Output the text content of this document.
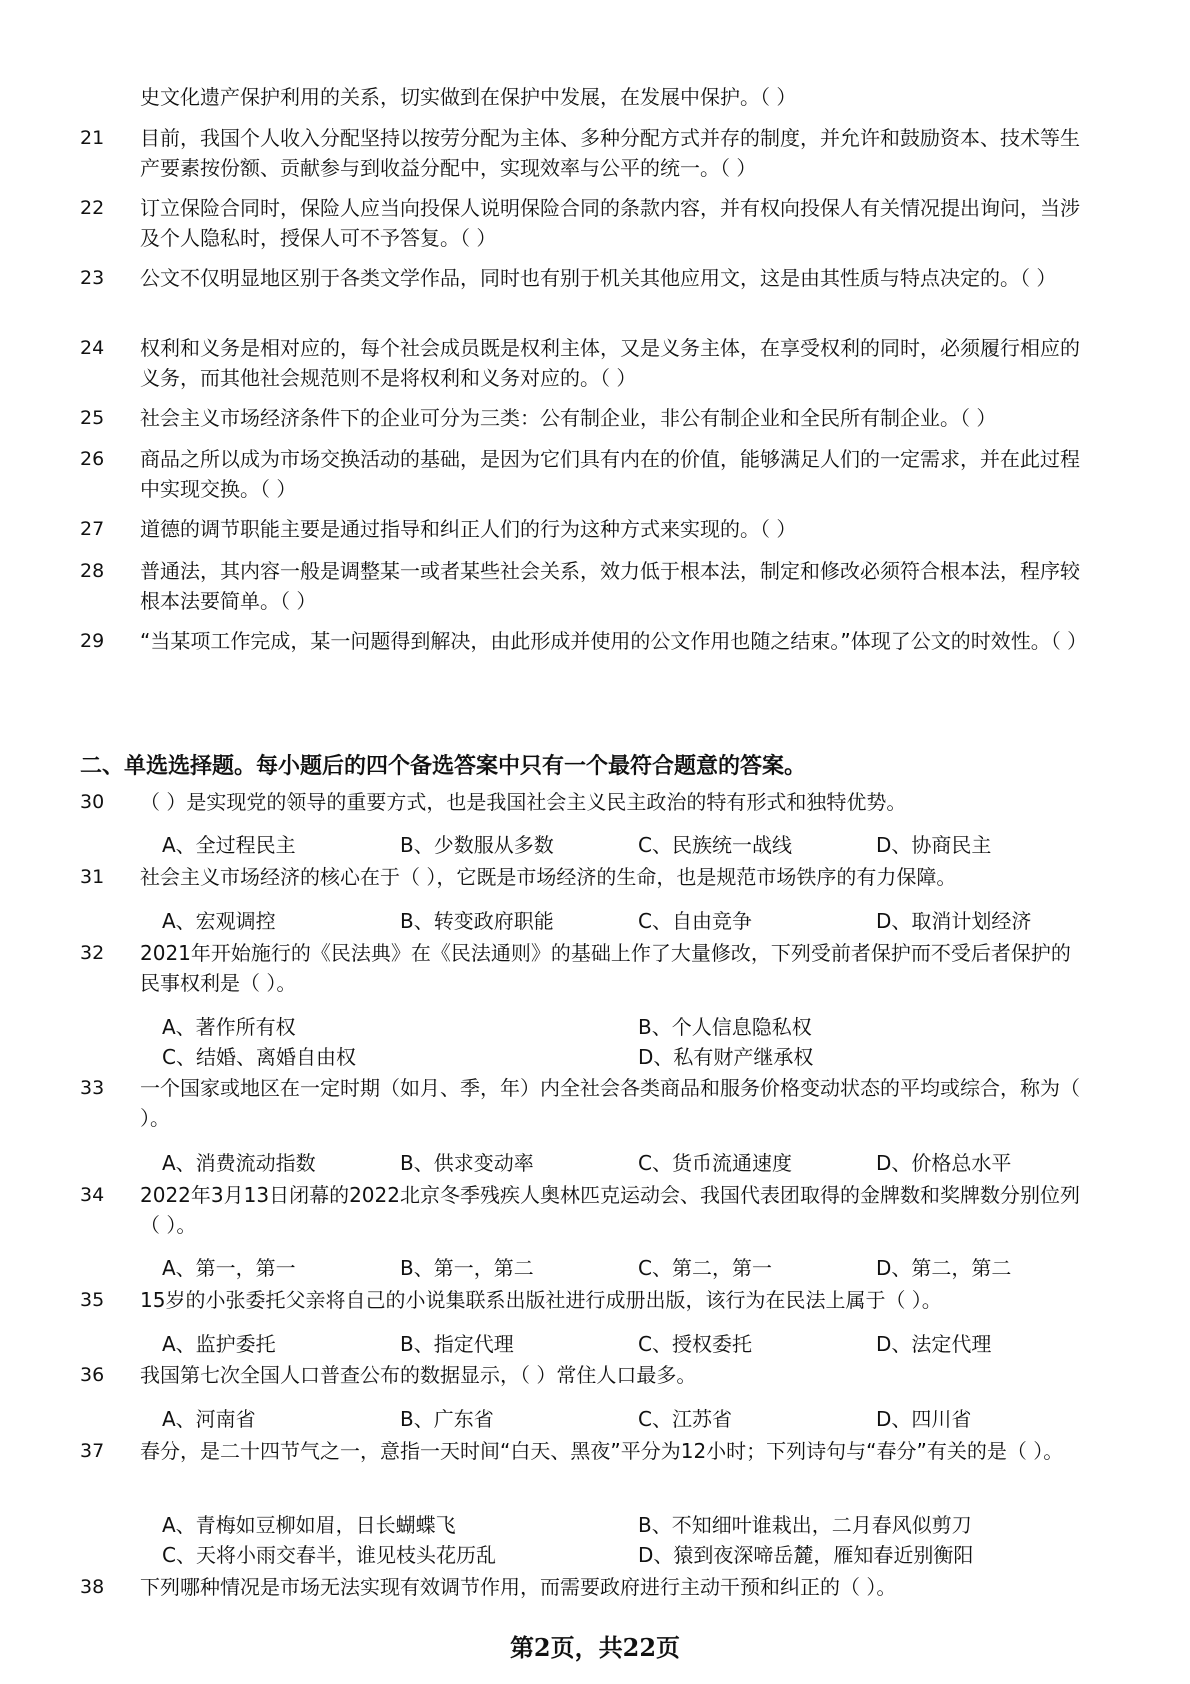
史文化遗产保护利用的关系，切实做到在保护中发展，在发展中保护。（ ）
21 目前，我国个人收入分配坚持以按劳分配为主体、多种分配方式并存的制度，并允许和鼓励资本、技术等生产要素按份额、贡献参与到收益分配中，实现效率与公平的统一。（ ）
22 订立保险合同时，保险人应当向投保人说明保险合同的条款内容，并有权向投保人有关情况提出询问，当涉及个人隐私时，授保人可不予答复。（ ）
23 公文不仅明显地区别于各类文学作品，同时也有别于机关其他应用文，这是由其性质与特点决定的。（ ）
24 权利和义务是相对应的，每个社会成员既是权利主体，又是义务主体，在享受权利的同时，必须履行相应的义务，而其他社会规范则不是将权利和义务对应的。（ ）
25 社会主义市场经济条件下的企业可分为三类：公有制企业，非公有制企业和全民所有制企业。（ ）
26 商品之所以成为市场交换活动的基础，是因为它们具有内在的价值，能够满足人们的一定需求，并在此过程中实现交换。（ ）
27 道德的调节职能主要是通过指导和纠正人们的行为这种方式来实现的。（ ）
28 普通法，其内容一般是调整某一或者某些社会关系，效力低于根本法，制定和修改必须符合根本法，程序较根本法要简单。（ ）
29 “当某项工作完成，某一问题得到解决，由此形成并使用的公文作用也随之结束。”体现了公文的时效性。（ ）
二、单选选择题。每小题后的四个备选答案中只有一个最符合题意的答案。
30 （ ）是实现党的领导的重要方式，也是我国社会主义民主政治的特有形式和独特优势。
A、全过程民主	B、少数服从多数	C、民族统一战线	D、协商民主
31 社会主义市场经济的核心在于（ ），它既是市场经济的生命，也是规范市场铁序的有力保障。
A、宏观调控	B、转变政府职能	C、自由竞争	D、取消计划经济
32 2021年开始施行的《民法典》在《民法通则》的基础上作了大量修改，下列受前者保护而不受后者保护的民事权利是（ ）。
A、著作所有权	B、个人信息隐私权
C、结婚、离婚自由权	D、私有财产继承权
33 一个国家或地区在一定时期（如月、季，年）内全社会各类商品和服务价格变动状态的平均或综合，称为（ ）。
A、消费流动指数	B、供求变动率	C、货币流通速度	D、价格总水平
34 2022年3月13日闭幕的2022北京冬季残疾人奥林匹克运动会、我国代表团取得的金牌数和奖牌数分别位列（ ）。
A、第一，第一	B、第一，第二	C、第二，第一	D、第二，第二
35 15岁的小张委托父亲将自己的小说集联系出版社进行成册出版，该行为在民法上属于（ ）。
A、监护委托	B、指定代理	C、授权委托	D、法定代理
36 我国第七次全国人口普查公布的数据显示，（ ）常住人口最多。
A、河南省	B、广东省	C、江苏省	D、四川省
37 春分，是二十四节气之一，意指一天时间“白天、黑夜”平分为12小时；下列诗句与“春分”有关的是（ ）。
A、青梅如豆柳如眉，日长蝴蝶飞	B、不知细叶谁栽出，二月春风似剪刀
C、天将小雨交春半，谁见枝头花历乱	D、猿到夜深啼岳麓，雁知春近别衡阳
38 下列哪种情况是市场无法实现有效调节作用，而需要政府进行主动干预和纠正的（ ）。
第2页，共22页
